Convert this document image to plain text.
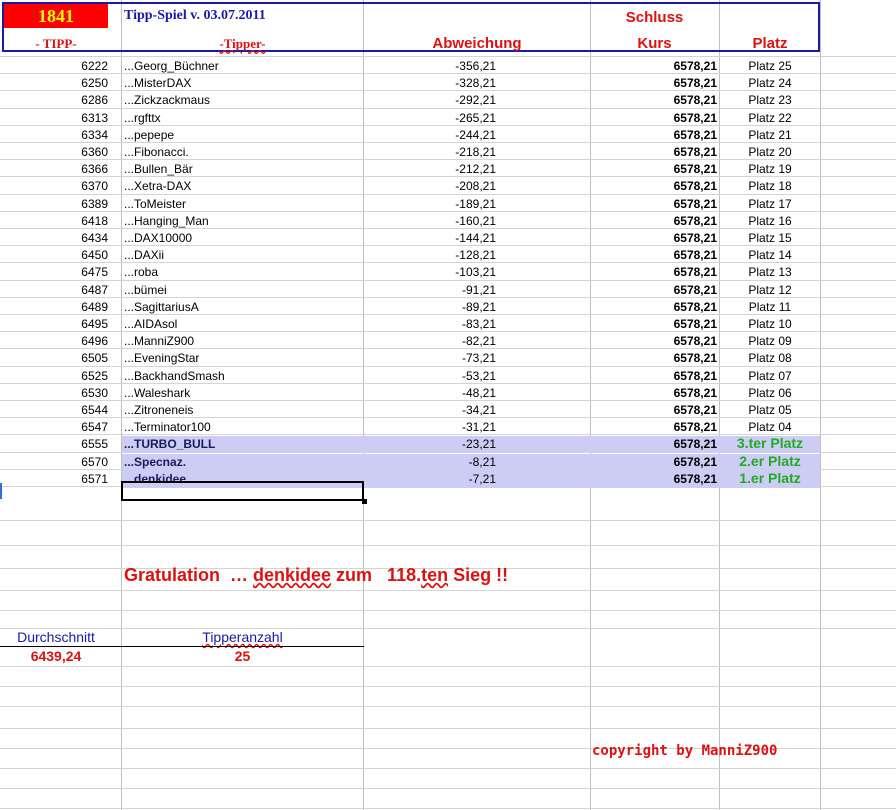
1841	Tipp-Spiel v. 03.07.2011	Schluss
- TIPP-	-Tipper-	Abweichung	Kurs	Platz
6222 ...Georg_Büchner	-356,21	6578,21	Platz 25
6250 ...MisterDAX	-328,21	6578,21	Platz 24
6286 ...Zickzackmaus	-292,21	6578,21	Platz 23
6313 ...rgfttx	-265,21	6578,21	Platz 22
6334 ...pepepe	-244,21	6578,21	Platz 21
6360 ...Fibonacci.	-218,21	6578,21	Platz 20
6366 ...Bullen_Bär	-212,21	6578,21	Platz 19
6370 ...Xetra-DAX	-208,21	6578,21	Platz 18
6389 ...ToMeister	-189,21	6578,21	Platz 17
6418 ...Hanging_Man	-160,21	6578,21	Platz 16
6434 ...DAX10000	-144,21	6578,21	Platz 15
6450 ...DAXii	-128,21	6578,21	Platz 14
6475 ...roba	-103,21	6578,21	Platz 13
6487 ...bümei	-91,21	6578,21	Platz 12
6489 ...SagittariusA	-89,21	6578,21	Platz 11
6495 ...AIDAsol	-83,21	6578,21	Platz 10
6496 ...ManniZ900	-82,21	6578,21	Platz 09
6505 ...EveningStar	-73,21	6578,21	Platz 08
6525 ...BackhandSmash	-53,21	6578,21	Platz 07
6530 ...Waleshark	-48,21	6578,21	Platz 06
6544 ...Zitroneneis	-34,21	6578,21	Platz 05
6547 ...Terminator100	-31,21	6578,21	Platz 04
6555 ...TURBO_BULL	-23,21	6578,21	3.ter Platz
6570 ...Specnaz.	-8,21	6578,21	2.er Platz
6571 ...denkidee	-7,21	6578,21	1.er Platz
Gratulation  … denkidee zum   118.ten Sieg !!
Durchschnitt	Tipperanzahl
6439,24	25
copyright by ManniZ900
